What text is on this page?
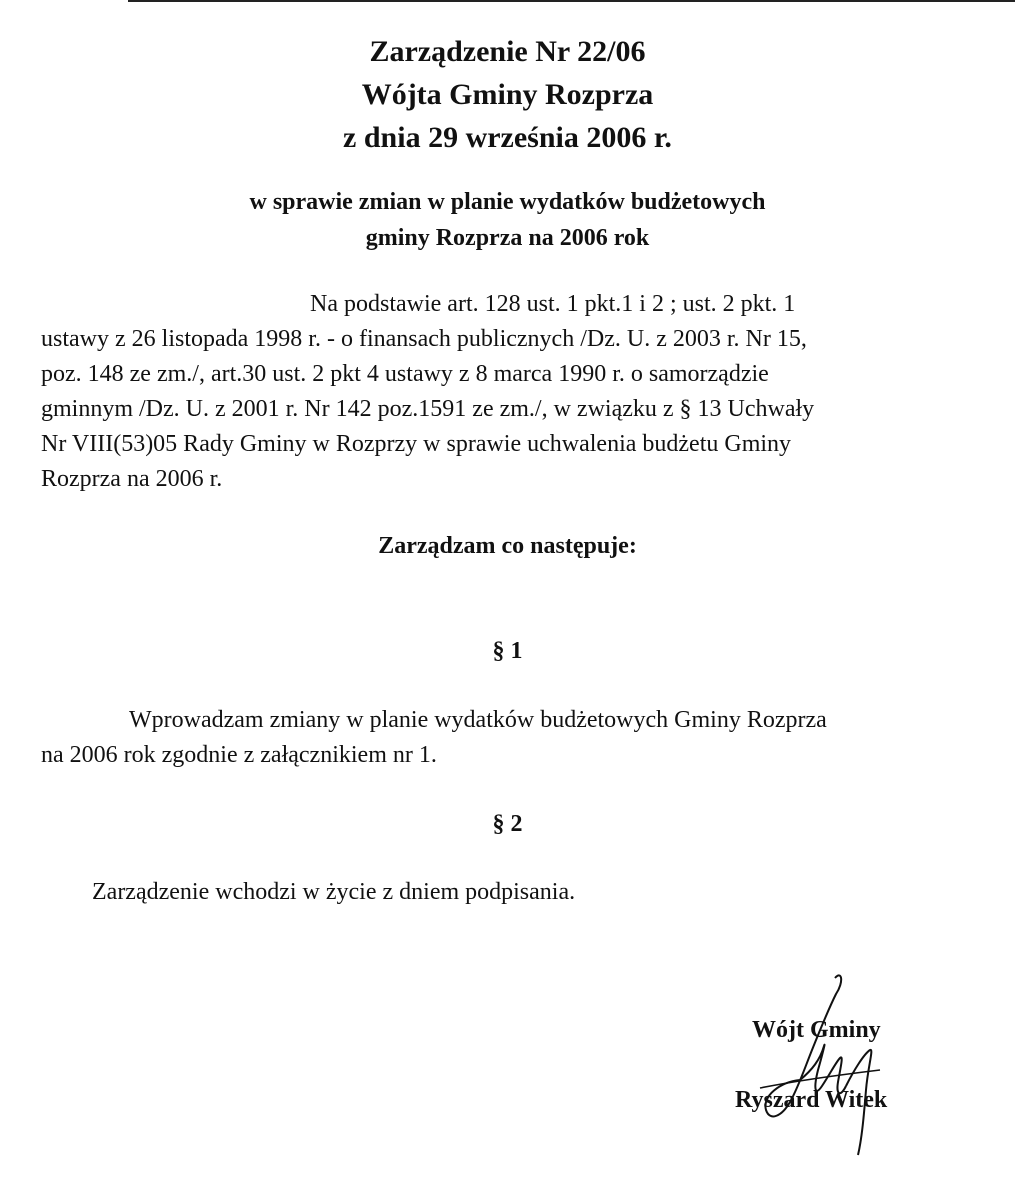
Zarządzenie Nr 22/06
Wójta Gminy Rozprza
z dnia 29 września 2006 r.
w sprawie zmian w planie wydatków budżetowych
gminy Rozprza na 2006 rok
Na podstawie art. 128 ust. 1 pkt.1 i 2 ; ust. 2 pkt. 1
ustawy z 26 listopada 1998 r. - o finansach publicznych /Dz. U. z 2003 r. Nr 15,
poz. 148 ze zm./, art.30 ust. 2 pkt 4 ustawy z 8 marca 1990 r. o samorządzie
gminnym /Dz. U. z 2001 r. Nr 142 poz.1591 ze zm./, w związku z § 13 Uchwały
Nr VIII(53)05 Rady Gminy w Rozprzy w sprawie uchwalenia budżetu Gminy
Rozprza na 2006 r.
Zarządzam co następuje:
§ 1
Wprowadzam zmiany w planie wydatków budżetowych Gminy Rozprza
na 2006 rok zgodnie z załącznikiem nr 1.
§ 2
Zarządzenie wchodzi w życie z dniem podpisania.
Wójt Gminy
Ryszard Witek
